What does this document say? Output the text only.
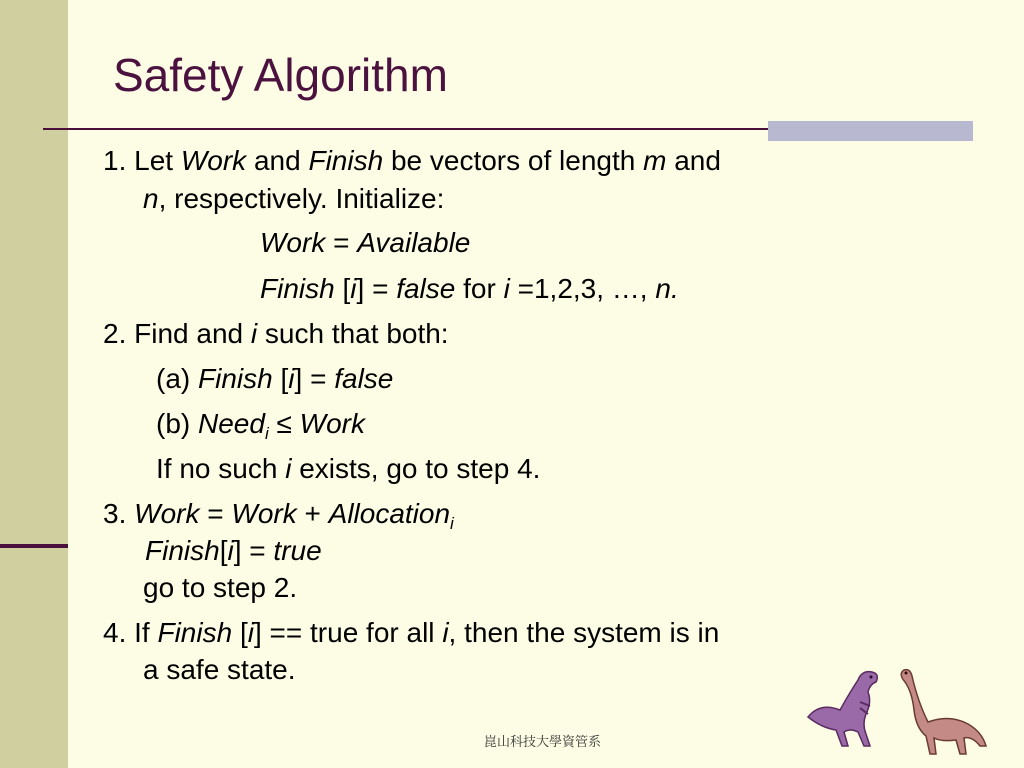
Safety Algorithm
1. Let Work and Finish be vectors of length m and
n, respectively. Initialize:
Work = Available
Finish [i] = false for i =1,2,3, …, n.
2. Find and i such that both:
(a) Finish [i] = false
(b) Need$_i$ ≤ Work
If no such i exists, go to step 4.
3. Work = Work + Allocation$_i$
Finish[i] = true
go to step 2.
4. If Finish [i] == true for all i, then the system is in
a safe state.
崑山科技大學資管系
